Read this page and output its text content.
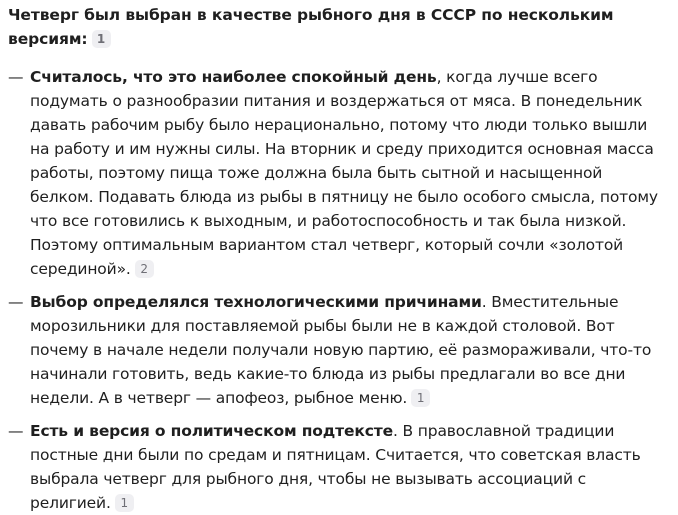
Четверг был выбран в качестве рыбного дня в СССР по нескольким версиям: 1
— Считалось, что это наиболее спокойный день, когда лучше всего подумать о разнообразии питания и воздержаться от мяса. В понедельник давать рабочим рыбу было нерационально, потому что люди только вышли на работу и им нужны силы. На вторник и среду приходится основная масса работы, поэтому пища тоже должна была быть сытной и насыщенной белком. Подавать блюда из рыбы в пятницу не было особого смысла, потому что все готовились к выходным, и работоспособность и так была низкой. Поэтому оптимальным вариантом стал четверг, который сочли «золотой серединой». 2
— Выбор определялся технологическими причинами. Вместительные морозильники для поставляемой рыбы были не в каждой столовой. Вот почему в начале недели получали новую партию, её размораживали, что-то начинали готовить, ведь какие-то блюда из рыбы предлагали во все дни недели. А в четверг — апофеоз, рыбное меню. 1
— Есть и версия о политическом подтексте. В православной традиции постные дни были по средам и пятницам. Считается, что советская власть выбрала четверг для рыбного дня, чтобы не вызывать ассоциаций с религией. 1
